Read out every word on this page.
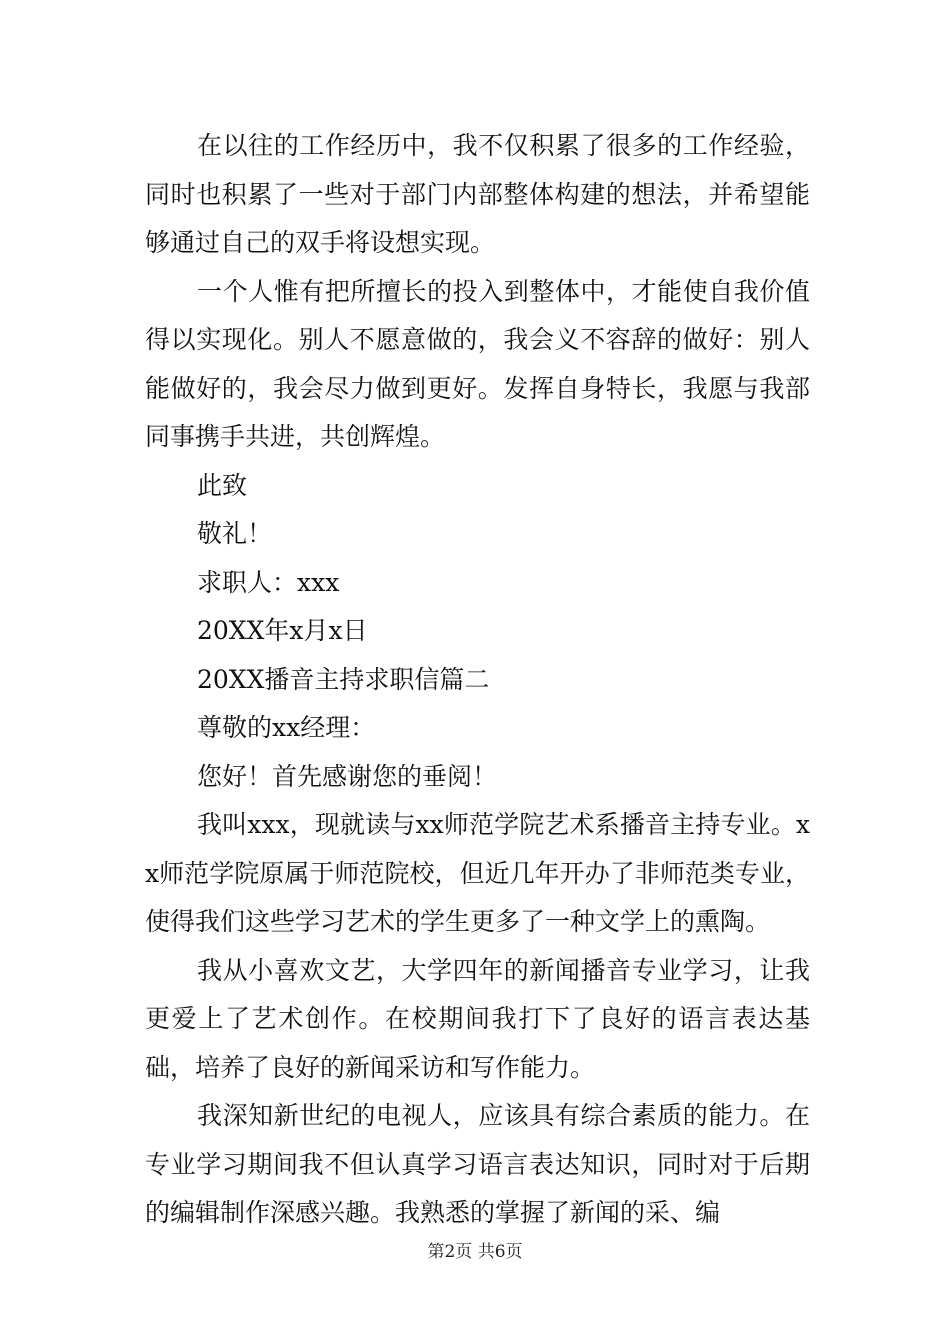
在以往的工作经历中，我不仅积累了很多的工作经验，同时也积累了一些对于部门内部整体构建的想法，并希望能够通过自己的双手将设想实现。

一个人惟有把所擅长的投入到整体中，才能使自我价值得以实现化。别人不愿意做的，我会义不容辞的做好：别人能做好的，我会尽力做到更好。发挥自身特长，我愿与我部同事携手共进，共创辉煌。

此致

敬礼！

求职人：xxx

20XX年x月x日

20XX播音主持求职信篇二

尊敬的xx经理：

您好！首先感谢您的垂阅！

我叫xxx，现就读与xx师范学院艺术系播音主持专业。xx师范学院原属于师范院校，但近几年开办了非师范类专业，使得我们这些学习艺术的学生更多了一种文学上的熏陶。

我从小喜欢文艺，大学四年的新闻播音专业学习，让我更爱上了艺术创作。在校期间我打下了良好的语言表达基础，培养了良好的新闻采访和写作能力。

我深知新世纪的电视人，应该具有综合素质的能力。在专业学习期间我不但认真学习语言表达知识，同时对于后期的编辑制作深感兴趣。我熟悉的掌握了新闻的采、编

第2页 共6页
